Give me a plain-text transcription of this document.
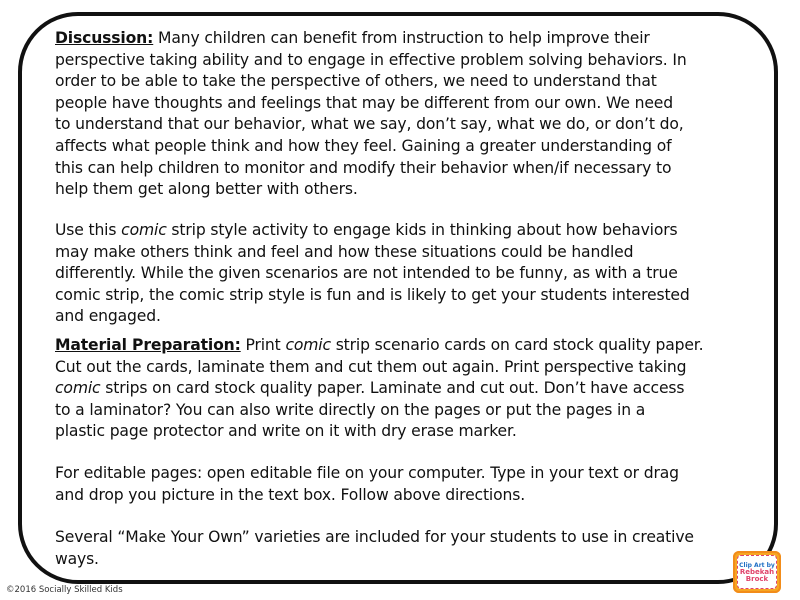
Discussion: Many children can benefit from instruction to help improve their
perspective taking ability and to engage in effective problem solving behaviors. In
order to be able to take the perspective of others, we need to understand that
people have thoughts and feelings that may be different from our own. We need
to understand that our behavior, what we say, don’t say, what we do, or don’t do,
affects what people think and how they feel. Gaining a greater understanding of
this can help children to monitor and modify their behavior when/if necessary to
help them get along better with others.
Use this comic strip style activity to engage kids in thinking about how behaviors
may make others think and feel and how these situations could be handled
differently. While the given scenarios are not intended to be funny, as with a true
comic strip, the comic strip style is fun and is likely to get your students interested
and engaged.
Material Preparation: Print comic strip scenario cards on card stock quality paper.
Cut out the cards, laminate them and cut them out again. Print perspective taking
comic strips on card stock quality paper. Laminate and cut out. Don’t have access
to a laminator? You can also write directly on the pages or put the pages in a
plastic page protector and write on it with dry erase marker.
For editable pages: open editable file on your computer. Type in your text or drag
and drop you picture in the text box. Follow above directions.
Several “Make Your Own” varieties are included for your students to use in creative
ways.
©2016 Socially Skilled Kids
Clip Art by
Rebekah
Brock
